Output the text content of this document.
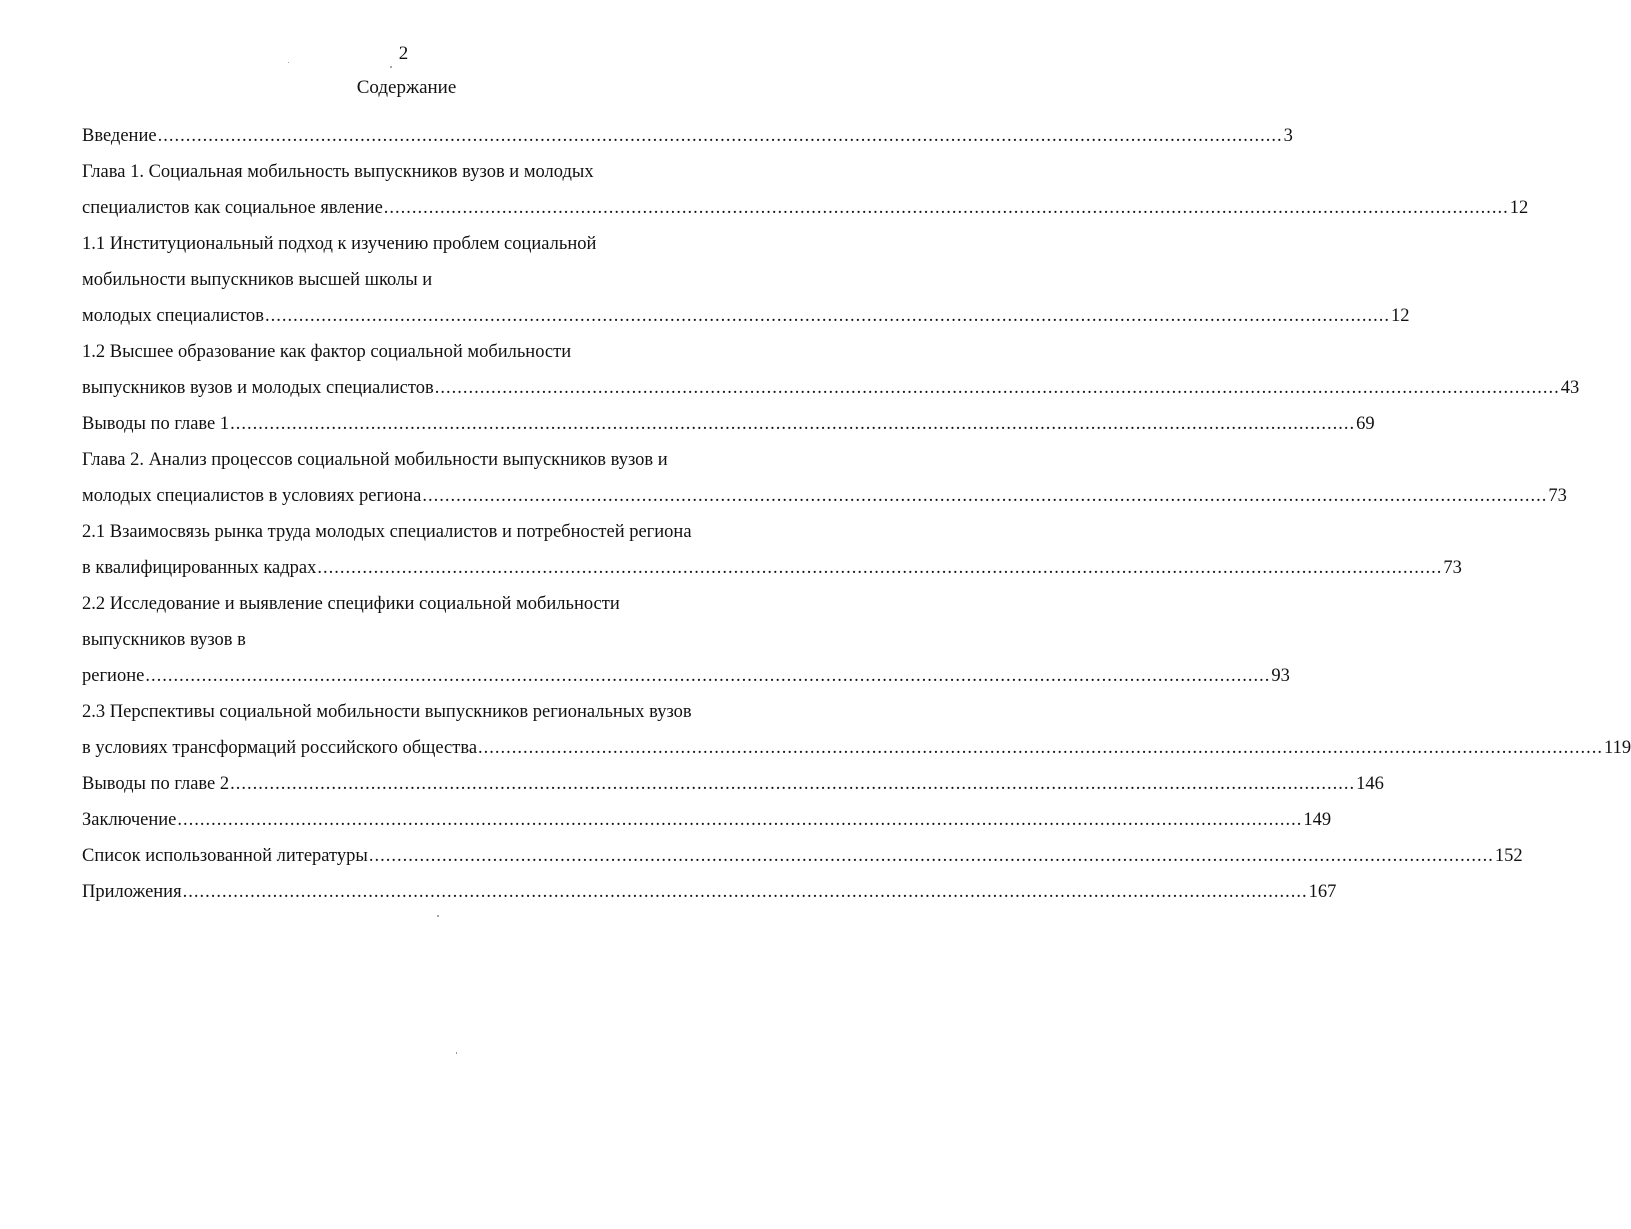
2
Содержание
Введение ........................................................................................................................................................................................................ 3
Глава 1. Социальная мобильность выпускников вузов и молодых
специалистов как социальное явление ........................................................................................................................................................................................................ 12
1.1 Институциональный подход к изучению проблем социальной
мобильности выпускников высшей школы и
молодых специалистов ........................................................................................................................................................................................................ 12
1.2 Высшее образование как фактор социальной мобильности
выпускников вузов и молодых специалистов ........................................................................................................................................................................................................ 43
Выводы по главе 1 ........................................................................................................................................................................................................ 69
Глава 2. Анализ процессов социальной мобильности выпускников вузов и
молодых специалистов в условиях региона ........................................................................................................................................................................................................ 73
2.1 Взаимосвязь рынка труда молодых специалистов и потребностей региона
в квалифицированных кадрах ........................................................................................................................................................................................................ 73
2.2 Исследование и выявление специфики социальной мобильности
выпускников вузов в
регионе ........................................................................................................................................................................................................ 93
2.3 Перспективы социальной мобильности выпускников региональных вузов
в условиях трансформаций российского общества ........................................................................................................................................................................................................ 119
Выводы по главе 2 ........................................................................................................................................................................................................ 146
Заключение ........................................................................................................................................................................................................ 149
Список использованной литературы ........................................................................................................................................................................................................ 152
Приложения ........................................................................................................................................................................................................ 167
